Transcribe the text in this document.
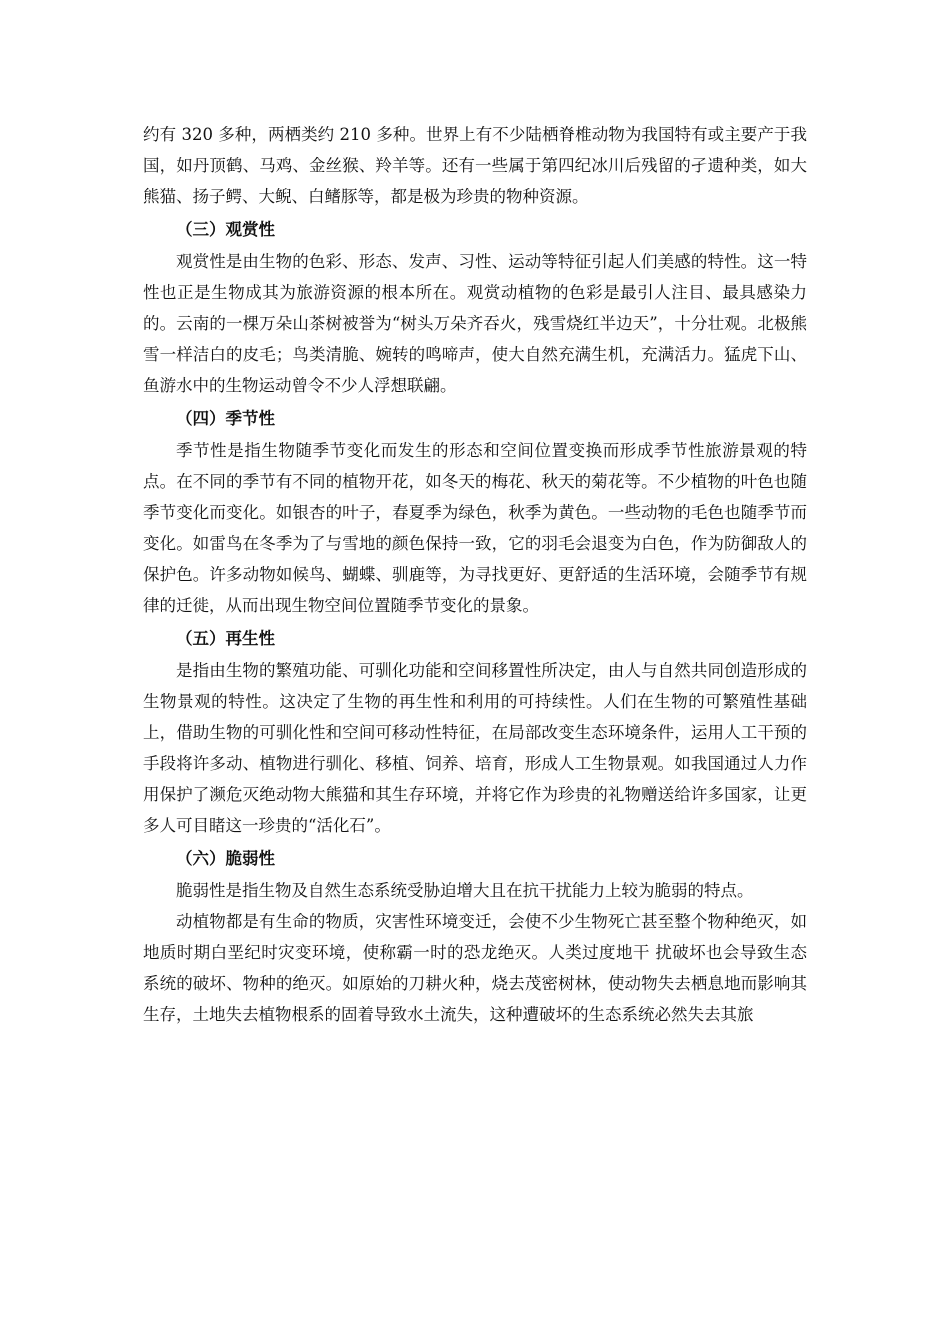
约有 320 多种，两栖类约 210 多种。世界上有不少陆栖脊椎动物为我国特有或主要产于我国，如丹顶鹤、马鸡、金丝猴、羚羊等。还有一些属于第四纪冰川后残留的孑遗种类，如大熊猫、扬子鳄、大鲵、白鳍豚等，都是极为珍贵的物种资源。

（三）观赏性

观赏性是由生物的色彩、形态、发声、习性、运动等特征引起人们美感的特性。这一特性也正是生物成其为旅游资源的根本所在。观赏动植物的色彩是最引人注目、最具感染力的。云南的一棵万朵山茶树被誉为“树头万朵齐吞火，残雪烧红半边天”，十分壮观。北极熊雪一样洁白的皮毛；鸟类清脆、婉转的鸣啼声，使大自然充满生机，充满活力。猛虎下山、鱼游水中的生物运动曾令不少人浮想联翩。

（四）季节性

季节性是指生物随季节变化而发生的形态和空间位置变换而形成季节性旅游景观的特点。在不同的季节有不同的植物开花，如冬天的梅花、秋天的菊花等。不少植物的叶色也随季节变化而变化。如银杏的叶子，春夏季为绿色，秋季为黄色。一些动物的毛色也随季节而变化。如雷鸟在冬季为了与雪地的颜色保持一致，它的羽毛会退变为白色，作为防御敌人的保护色。许多动物如候鸟、蝴蝶、驯鹿等，为寻找更好、更舒适的生活环境，会随季节有规律的迁徙，从而出现生物空间位置随季节变化的景象。

（五）再生性

是指由生物的繁殖功能、可驯化功能和空间移置性所决定，由人与自然共同创造形成的生物景观的特性。这决定了生物的再生性和利用的可持续性。人们在生物的可繁殖性基础上，借助生物的可驯化性和空间可移动性特征，在局部改变生态环境条件，运用人工干预的手段将许多动、植物进行驯化、移植、饲养、培育，形成人工生物景观。如我国通过人力作用保护了濒危灭绝动物大熊猫和其生存环境，并将它作为珍贵的礼物赠送给许多国家，让更多人可目睹这一珍贵的“活化石”。

（六）脆弱性

脆弱性是指生物及自然生态系统受胁迫增大且在抗干扰能力上较为脆弱的特点。

动植物都是有生命的物质，灾害性环境变迁，会使不少生物死亡甚至整个物种绝灭，如地质时期白垩纪时灾变环境，使称霸一时的恐龙绝灭。人类过度地干 扰破坏也会导致生态系统的破坏、物种的绝灭。如原始的刀耕火种，烧去茂密树林，使动物失去栖息地而影响其生存，土地失去植物根系的固着导致水土流失，这种遭破坏的生态系统必然失去其旅
